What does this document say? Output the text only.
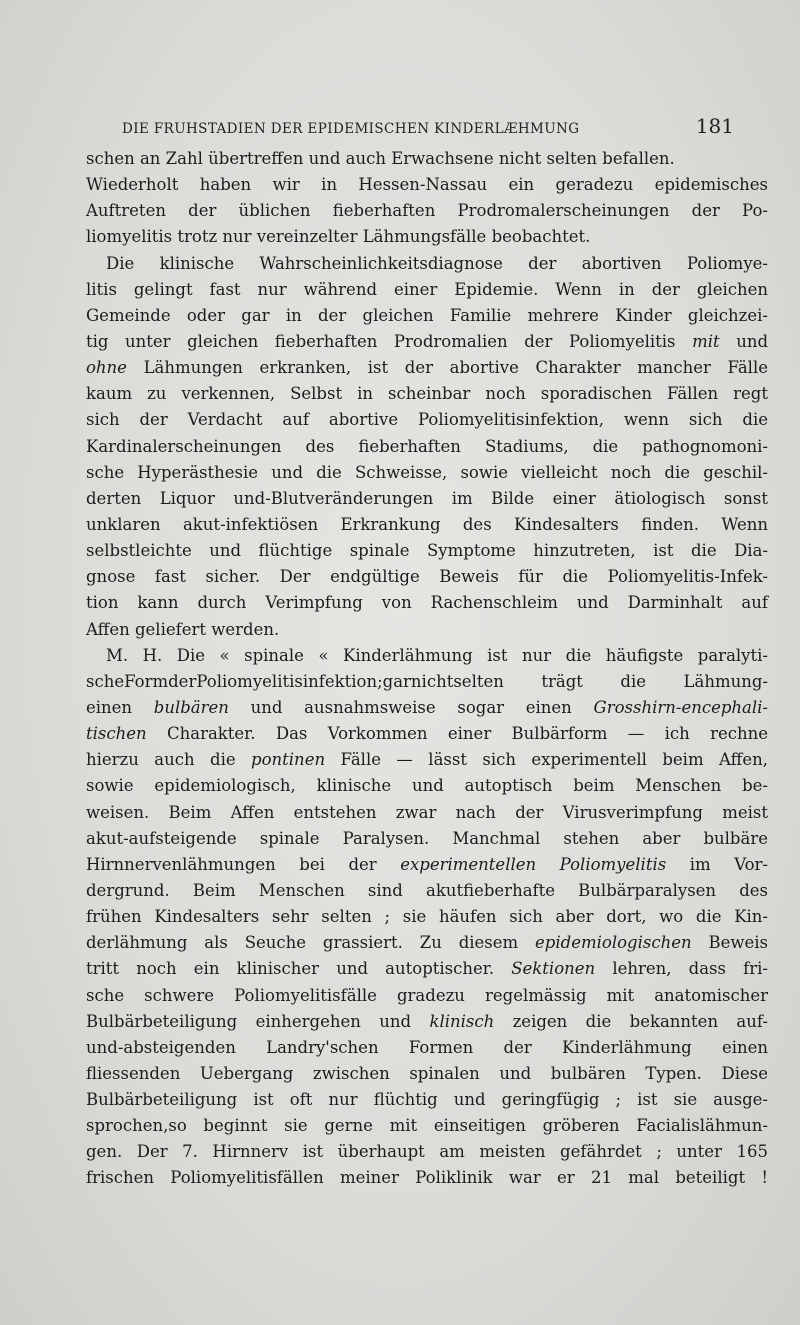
DIE FRUHSTADIEN DER EPIDEMISCHEN KINDERLÆHMUNG	181
schen an Zahl übertreffen und auch Erwachsene nicht selten befallen.
Wiederholt haben wir in Hessen-Nassau ein geradezu epidemisches
Auftreten der üblichen fieberhaften Prodromalerscheinungen der Po-
liomyelitis trotz nur vereinzelter Lähmungsfälle beobachtet.
Die klinische Wahrscheinlichkeitsdiagnose der abortiven Poliomye-
litis gelingt fast nur während einer Epidemie. Wenn in der gleichen
Gemeinde oder gar in der gleichen Familie mehrere Kinder gleichzei-
tig unter gleichen fieberhaften Prodromalien der Poliomyelitis mit und
ohne Lähmungen erkranken, ist der abortive Charakter mancher Fälle
kaum zu verkennen, Selbst in scheinbar noch sporadischen Fällen regt
sich der Verdacht auf abortive Poliomyelitisinfektion, wenn sich die
Kardinalerscheinungen des fieberhaften Stadiums, die pathognomoni-
sche Hyperästhesie und die Schweisse, sowie vielleicht noch die geschil-
derten Liquor und-Blutveränderungen im Bilde einer ätiologisch sonst
unklaren akut-infektiösen Erkrankung des Kindesalters finden. Wenn
selbstleichte und flüchtige spinale Symptome hinzutreten, ist die Dia-
gnose fast sicher. Der endgültige Beweis für die Poliomyelitis-Infek-
tion kann durch Verimpfung von Rachenschleim und Darminhalt auf
Affen geliefert werden.
M. H. Die « spinale « Kinderlähmung ist nur die häufigste paralyti-
scheFormderPoliomyelitisinfektion;garnichtselten trägt die Lähmung-
einen bulbären und ausnahmsweise sogar einen Grosshirn-encephali-
tischen Charakter. Das Vorkommen einer Bulbärform — ich rechne
hierzu auch die pontinen Fälle — lässt sich experimentell beim Affen,
sowie epidemiologisch, klinische und autoptisch beim Menschen be-
weisen. Beim Affen entstehen zwar nach der Virusverimpfung meist
akut-aufsteigende spinale Paralysen. Manchmal stehen aber bulbäre
Hirnnervenlähmungen bei der experimentellen Poliomyelitis im Vor-
dergrund. Beim Menschen sind akutfieberhafte Bulbärparalysen des
frühen Kindesalters sehr selten ; sie häufen sich aber dort, wo die Kin-
derlähmung als Seuche grassiert. Zu diesem epidemiologischen Beweis
tritt noch ein klinischer und autoptischer. Sektionen lehren, dass fri-
sche schwere Poliomyelitisfälle gradezu regelmässig mit anatomischer
Bulbärbeteiligung einhergehen und klinisch zeigen die bekannten auf-
und-absteigenden Landry'schen Formen der Kinderlähmung einen
fliessenden Uebergang zwischen spinalen und bulbären Typen. Diese
Bulbärbeteiligung ist oft nur flüchtig und geringfügig ; ist sie ausge-
sprochen,so beginnt sie gerne mit einseitigen gröberen Facialislähmun-
gen. Der 7. Hirnnerv ist überhaupt am meisten gefährdet ; unter 165
frischen Poliomyelitisfällen meiner Poliklinik war er 21 mal beteiligt !
